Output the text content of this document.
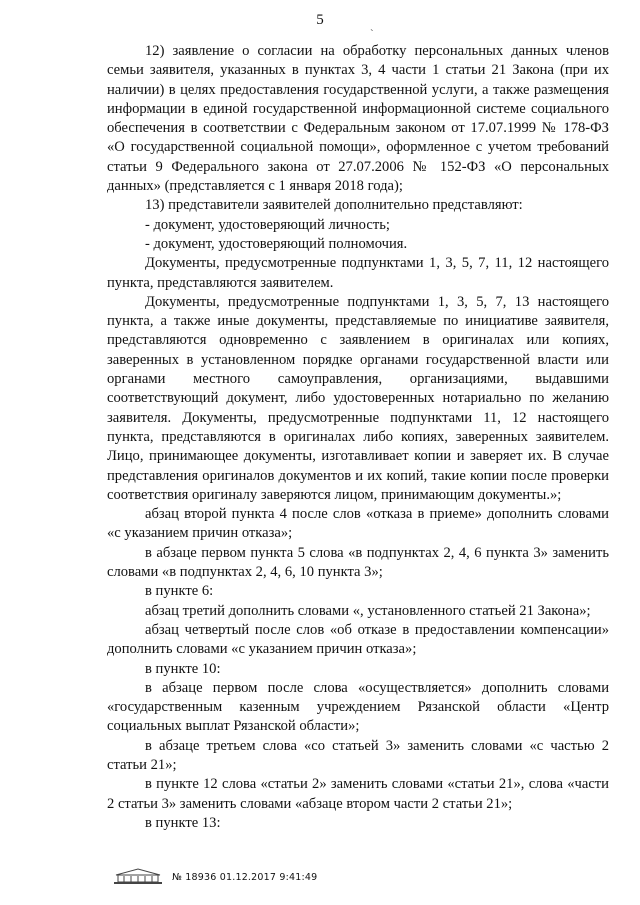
5
ˋ

12) заявление о согласии на обработку персональных данных членов семьи заявителя, указанных в пунктах 3, 4 части 1 статьи 21 Закона (при их наличии) в целях предоставления государственной услуги, а также размещения информации в единой государственной информационной системе социального обеспечения в соответствии с Федеральным законом от 17.07.1999 № 178-ФЗ «О государственной социальной помощи», оформленное с учетом требований статьи 9 Федерального закона от 27.07.2006 № 152-ФЗ «О персональных данных» (представляется с 1 января 2018 года);

13) представители заявителей дополнительно представляют:

- документ, удостоверяющий личность;

- документ, удостоверяющий полномочия.

Документы, предусмотренные подпунктами 1, 3, 5, 7, 11, 12 настоящего пункта, представляются заявителем.

Документы, предусмотренные подпунктами 1, 3, 5, 7, 13 настоящего пункта, а также иные документы, представляемые по инициативе заявителя, представляются одновременно с заявлением в оригиналах или копиях, заверенных в установленном порядке органами государственной власти или органами местного самоуправления, организациями, выдавшими соответствующий документ, либо удостоверенных нотариально по желанию заявителя. Документы, предусмотренные подпунктами 11, 12 настоящего пункта, представляются в оригиналах либо копиях, заверенных заявителем. Лицо, принимающее документы, изготавливает копии и заверяет их. В случае представления оригиналов документов и их копий, такие копии после проверки соответствия оригиналу заверяются лицом, принимающим документы.»;

абзац второй пункта 4 после слов «отказа в приеме» дополнить словами «с указанием причин отказа»;

в абзаце первом пункта 5 слова «в подпунктах 2, 4, 6 пункта 3» заменить словами «в подпунктах 2, 4, 6, 10 пункта 3»;

в пункте 6:

абзац третий дополнить словами «, установленного статьей 21 Закона»;

абзац четвертый после слов «об отказе в предоставлении компенсации» дополнить словами «с указанием причин отказа»;

в пункте 10:

в абзаце первом после слова «осуществляется» дополнить словами «государственным казенным учреждением Рязанской области «Центр социальных выплат Рязанской области»;

в абзаце третьем слова «со статьей 3» заменить словами «с частью 2 статьи 21»;

в пункте 12 слова «статьи 2» заменить словами «статьи 21», слова «части 2 статьи 3» заменить словами «абзаце втором части 2 статьи 21»;

в пункте 13:

№ 18936 01.12.2017 9:41:49
